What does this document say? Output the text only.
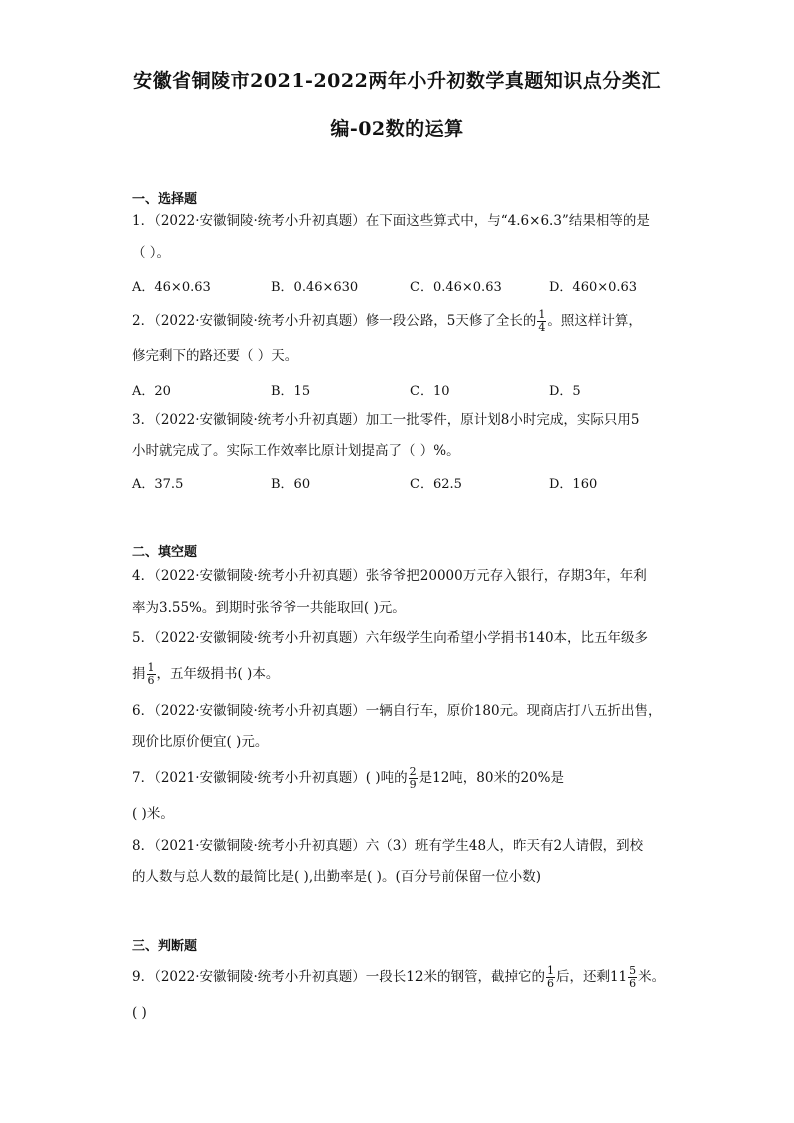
安徽省铜陵市2021-2022两年小升初数学真题知识点分类汇
编-02数的运算
一、选择题
1．（2022·安徽铜陵·统考小升初真题）在下面这些算式中，与“4.6×6.3”结果相等的是
（ ）。
A．46×0.63	B．0.46×630	C．0.46×0.63	D．460×0.63
2．（2022·安徽铜陵·统考小升初真题）修一段公路，5天修了全长的 $\frac{1}{4}$ 。照这样计算，
修完剩下的路还要（ ）天。
A．20	B．15	C．10	D．5
3．（2022·安徽铜陵·统考小升初真题）加工一批零件，原计划8小时完成，实际只用5
小时就完成了。实际工作效率比原计划提高了（ ）%。
A．37.5	B．60	C．62.5	D．160
二、填空题
4．（2022·安徽铜陵·统考小升初真题）张爷爷把20000万元存入银行，存期3年，年利
率为3.55%。到期时张爷爷一共能取回( )元。
5．（2022·安徽铜陵·统考小升初真题）六年级学生向希望小学捐书140本，比五年级多
捐 $\frac{1}{6}$ ，五年级捐书( )本。
6．（2022·安徽铜陵·统考小升初真题）一辆自行车，原价180元。现商店打八五折出售，
现价比原价便宜( )元。
7．（2021·安徽铜陵·统考小升初真题）( )吨的 $\frac{2}{9}$ 是12吨，80米的20%是
( )米。
8．（2021·安徽铜陵·统考小升初真题）六（3）班有学生48人，昨天有2人请假，到校
的人数与总人数的最简比是( ),出勤率是( )。(百分号前保留一位小数)
三、判断题
9．（2022·安徽铜陵·统考小升初真题）一段长12米的钢管，截掉它的 $\frac{1}{6}$ 后，还剩$11 \frac{5}{6}$ 米。
( )
